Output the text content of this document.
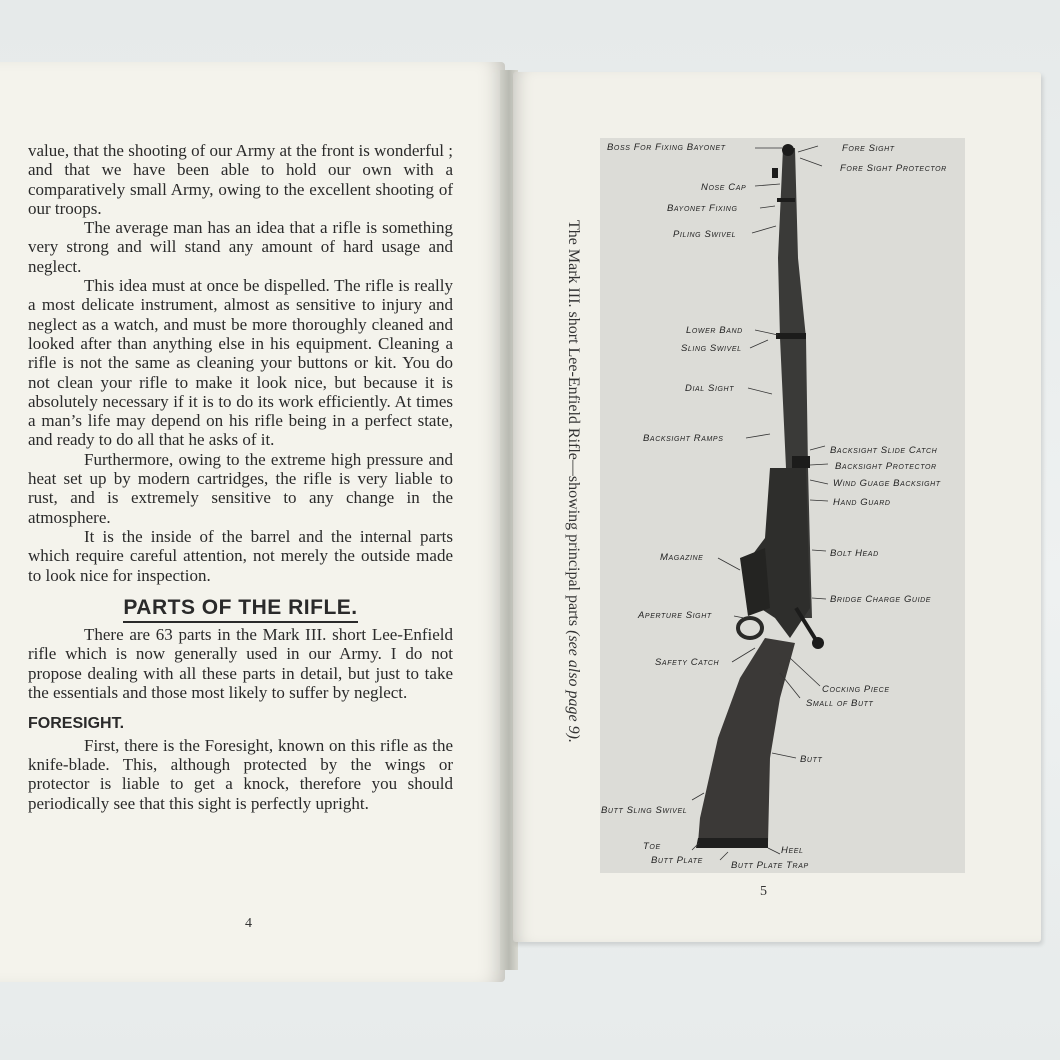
value, that the shooting of our Army at the front is wonderful ; and that we have been able to hold our own with a comparatively small Army, owing to the excellent shooting of our troops.

The average man has an idea that a rifle is something very strong and will stand any amount of hard usage and neglect.

This idea must at once be dispelled. The rifle is really a most delicate instrument, almost as sensitive to injury and neglect as a watch, and must be more thoroughly cleaned and looked after than anything else in his equipment. Cleaning a rifle is not the same as cleaning your buttons or kit. You do not clean your rifle to make it look nice, but because it is absolutely necessary if it is to do its work efficiently. At times a man’s life may depend on his rifle being in a perfect state, and ready to do all that he asks of it.

Furthermore, owing to the extreme high pressure and heat set up by modern cartridges, the rifle is very liable to rust, and is extremely sensitive to any change in the atmosphere.

It is the inside of the barrel and the internal parts which require careful attention, not merely the outside made to look nice for inspection.

PARTS OF THE RIFLE.

There are 63 parts in the Mark III. short Lee-Enfield rifle which is now generally used in our Army. I do not propose dealing with all these parts in detail, but just to take the essentials and those most likely to suffer by neglect.

FORESIGHT.

First, there is the Foresight, known on this rifle as the knife-blade. This, although protected by the wings or protector is liable to get a knock, therefore you should periodically see that this sight is perfectly upright.

4
The Mark III. short Lee-Enfield Rifle—showing principal parts (see also page 9).
Boss For Fixing Bayonet	Fore Sight
Fore Sight Protector
Nose Cap
Bayonet Fixing
Piling Swivel
Lower Band
Sling Swivel
Dial Sight
Backsight Ramps
Backsight Slide Catch
Backsight Protector
Wind Guage Backsight
Hand Guard
Magazine	Bolt Head
Bridge Charge Guide
Aperture Sight
Safety Catch
Cocking Piece
Small of Butt
Butt
Butt Sling Swivel
Toe	Heel
Butt Plate	Butt Plate Trap
5
